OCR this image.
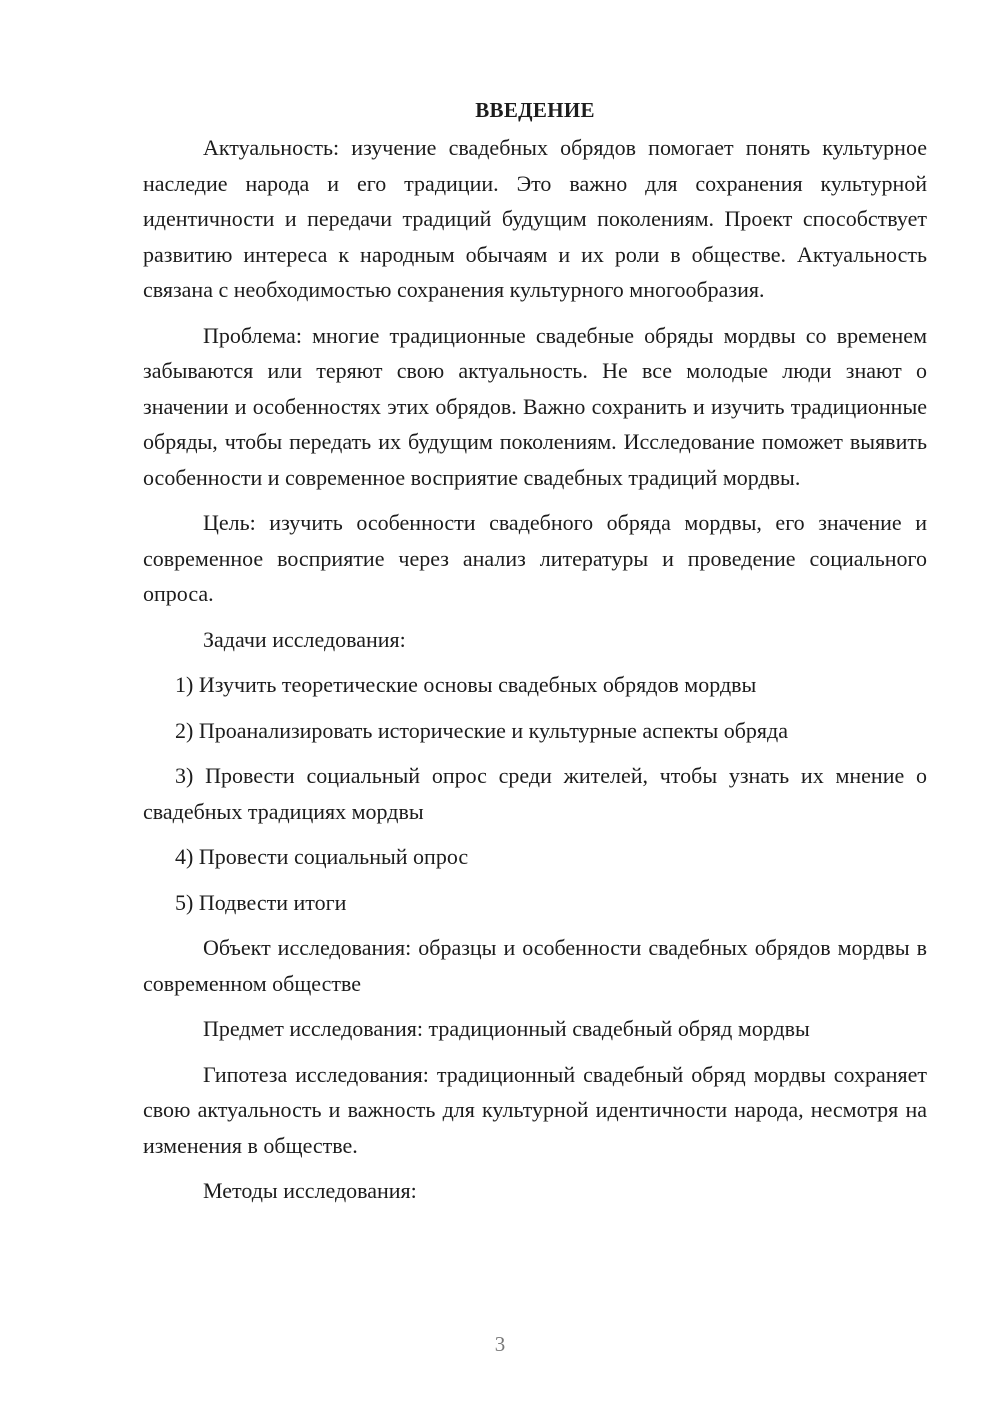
ВВЕДЕНИЕ

Актуальность: изучение свадебных обрядов помогает понять культурное наследие народа и его традиции. Это важно для сохранения культурной идентичности и передачи традиций будущим поколениям. Проект способствует развитию интереса к народным обычаям и их роли в обществе. Актуальность связана с необходимостью сохранения культурного многообразия.

Проблема: многие традиционные свадебные обряды мордвы со временем забываются или теряют свою актуальность. Не все молодые люди знают о значении и особенностях этих обрядов. Важно сохранить и изучить традиционные обряды, чтобы передать их будущим поколениям. Исследование поможет выявить особенности и современное восприятие свадебных традиций мордвы.

Цель: изучить особенности свадебного обряда мордвы, его значение и современное восприятие через анализ литературы и проведение социального опроса.

Задачи исследования:

1) Изучить теоретические основы свадебных обрядов мордвы

2) Проанализировать исторические и культурные аспекты обряда

3) Провести социальный опрос среди жителей, чтобы узнать их мнение о свадебных традициях мордвы

4) Провести социальный опрос

5) Подвести итоги

Объект исследования: образцы и особенности свадебных обрядов мордвы в современном обществе

Предмет исследования: традиционный свадебный обряд мордвы

Гипотеза исследования: традиционный свадебный обряд мордвы сохраняет свою актуальность и важность для культурной идентичности народа, несмотря на изменения в обществе.

Методы исследования:

3
